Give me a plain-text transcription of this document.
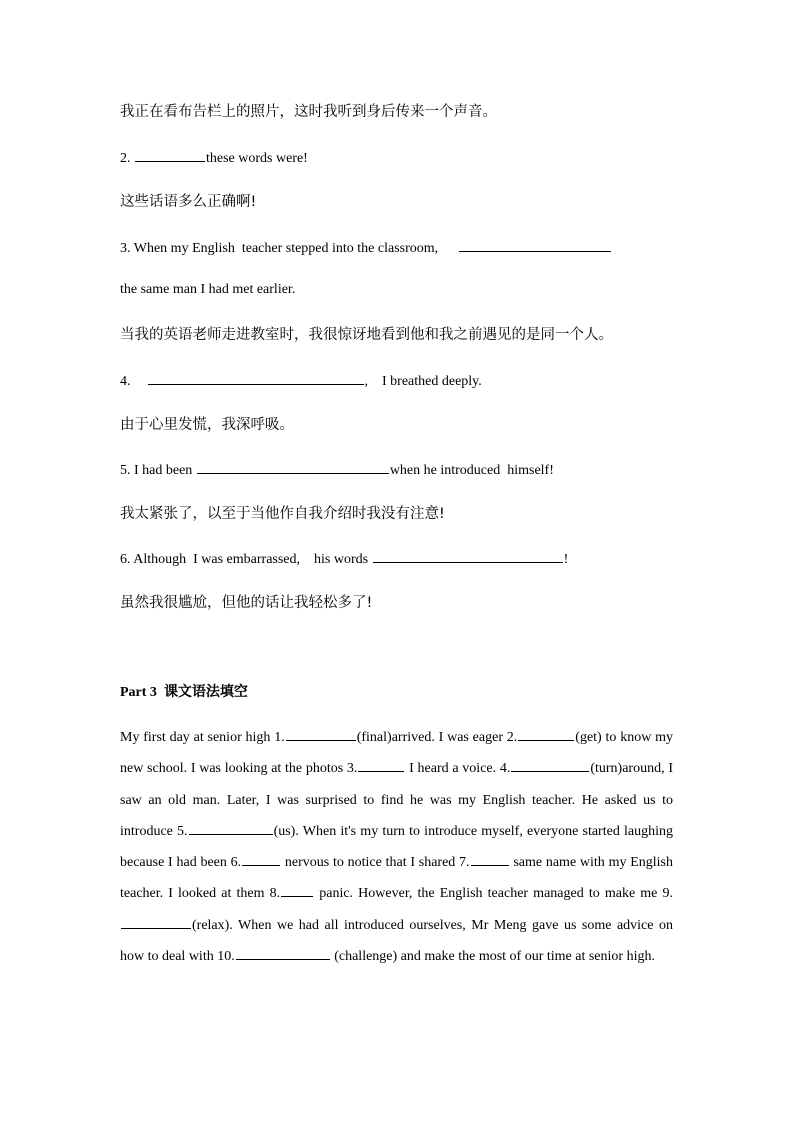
我正在看布告栏上的照片，这时我听到身后传来一个声音。
2.	these words were!
这些话语多么正确啊!
3. When my English  teacher stepped into the classroom,
the same man I had met earlier.
当我的英语老师走进教室时，我很惊讶地看到他和我之前遇见的是同一个人。
4.	,    I breathed deeply.
由于心里发慌，我深呼吸。
5. I had been	when he introduced  himself!
我太紧张了，以至于当他作自我介绍时我没有注意!
6. Although  I was embarrassed,    his words	!
虽然我很尴尬，但他的话让我轻松多了!
Part 3 课文语法填空
My first day at senior high 1.	(final)arrived. I was eager 2.	(get) to know my new school. I was looking at the photos 3.	I heard a voice. 4.	(turn)around, I saw an old man. Later, I was surprised to find he was my English teacher. He asked us to introduce 5.	(us). When it's my turn to introduce myself, everyone started laughing because I had been 6.	nervous to notice that I shared 7.	same name with my English teacher. I looked at them 8. panic. However, the English teacher managed to make me 9.(relax). When we had all introduced ourselves, Mr Meng gave us some advice on how to deal with 10.	(challenge) and make the most of our time at senior high.
